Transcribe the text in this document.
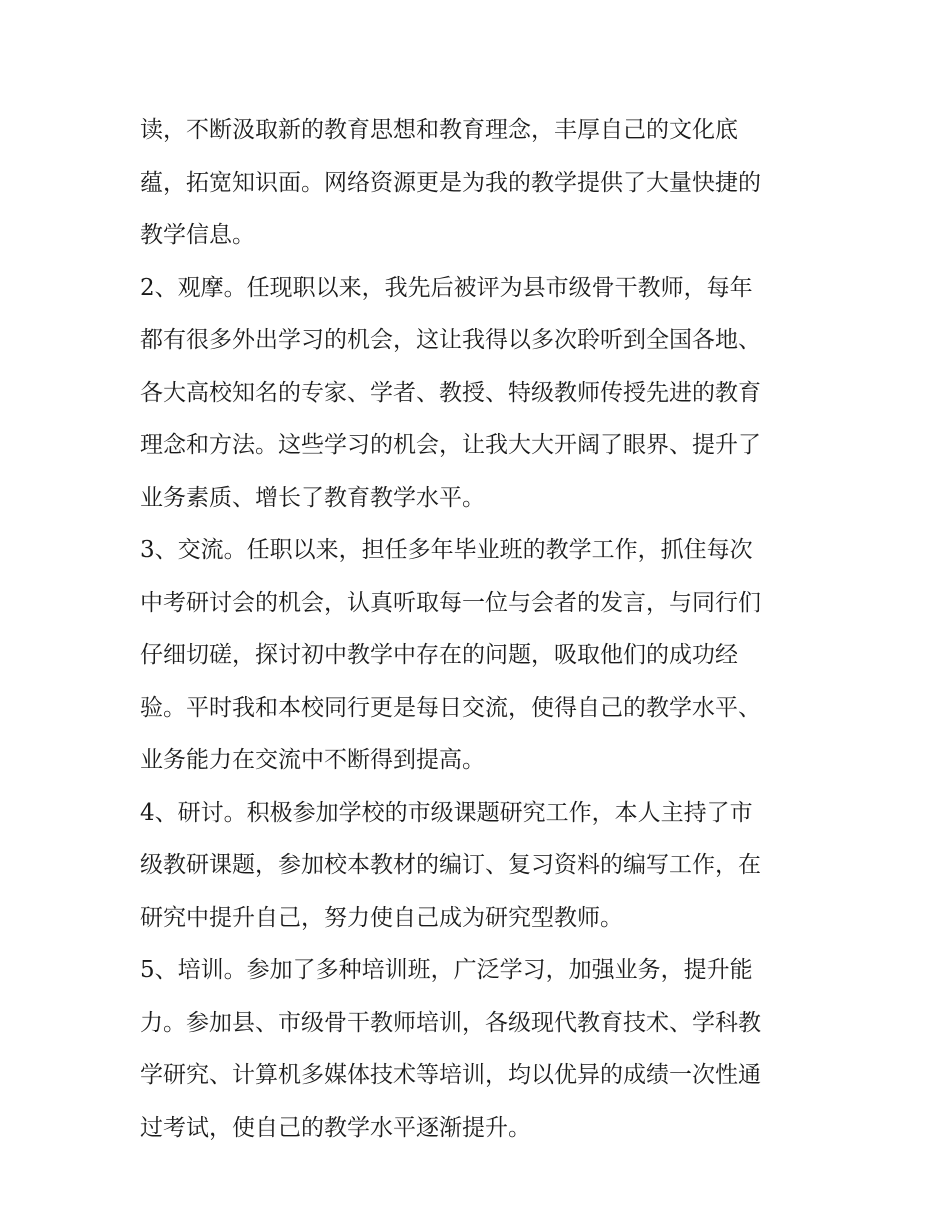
读，不断汲取新的教育思想和教育理念，丰厚自己的文化底
蕴，拓宽知识面。网络资源更是为我的教学提供了大量快捷的
教学信息。
2、观摩。任现职以来，我先后被评为县市级骨干教师，每年
都有很多外出学习的机会，这让我得以多次聆听到全国各地、
各大高校知名的专家、学者、教授、特级教师传授先进的教育
理念和方法。这些学习的机会，让我大大开阔了眼界、提升了
业务素质、增长了教育教学水平。
3、交流。任职以来，担任多年毕业班的教学工作，抓住每次
中考研讨会的机会，认真听取每一位与会者的发言，与同行们
仔细切磋，探讨初中教学中存在的问题，吸取他们的成功经
验。平时我和本校同行更是每日交流，使得自己的教学水平、
业务能力在交流中不断得到提高。
4、研讨。积极参加学校的市级课题研究工作，本人主持了市
级教研课题，参加校本教材的编订、复习资料的编写工作，在
研究中提升自己，努力使自己成为研究型教师。
5、培训。参加了多种培训班，广泛学习，加强业务，提升能
力。参加县、市级骨干教师培训，各级现代教育技术、学科教
学研究、计算机多媒体技术等培训，均以优异的成绩一次性通
过考试，使自己的教学水平逐渐提升。
